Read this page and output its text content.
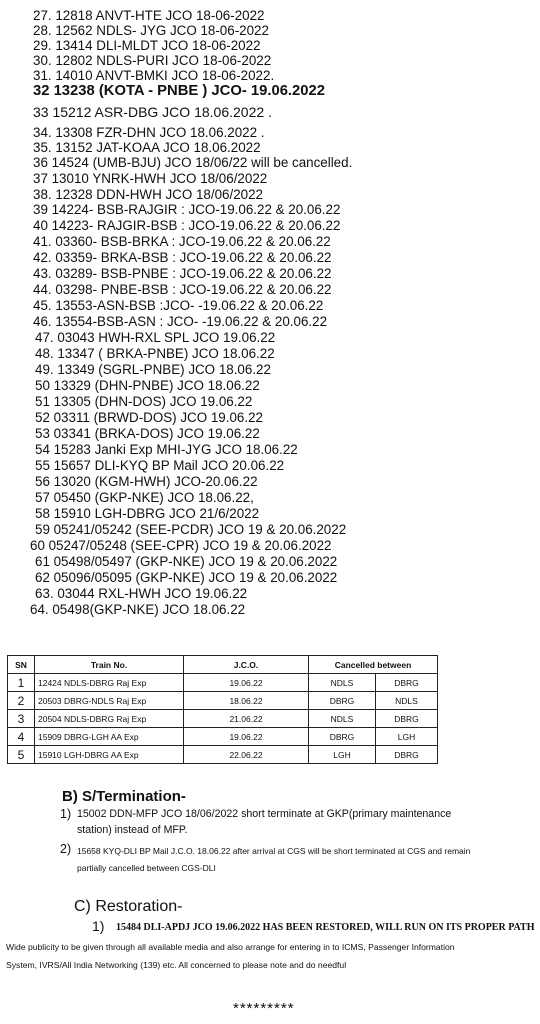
27. 12818 ANVT-HTE JCO 18-06-2022
28. 12562 NDLS- JYG JCO 18-06-2022
29. 13414 DLI-MLDT JCO 18-06-2022
30. 12802 NDLS-PURI JCO 18-06-2022
31. 14010 ANVT-BMKI JCO 18-06-2022.
32 13238 (KOTA - PNBE ) JCO- 19.06.2022
33 15212 ASR-DBG JCO 18.06.2022 .
34. 13308 FZR-DHN JCO 18.06.2022 .
35. 13152 JAT-KOAA JCO 18.06.2022
36 14524 (UMB-BJU) JCO 18/06/22 will be cancelled.
37 13010 YNRK-HWH JCO 18/06/2022
38. 12328 DDN-HWH JCO 18/06/2022
39 14224- BSB-RAJGIR : JCO-19.06.22 & 20.06.22
40 14223- RAJGIR-BSB : JCO-19.06.22 & 20.06.22
41. 03360- BSB-BRKA : JCO-19.06.22 & 20.06.22
42. 03359- BRKA-BSB : JCO-19.06.22 & 20.06.22
43. 03289- BSB-PNBE : JCO-19.06.22 & 20.06.22
44. 03298- PNBE-BSB : JCO-19.06.22 & 20.06.22
45. 13553-ASN-BSB :JCO- -19.06.22 & 20.06.22
46. 13554-BSB-ASN : JCO- -19.06.22 & 20.06.22
47. 03043 HWH-RXL SPL JCO 19.06.22
48. 13347 ( BRKA-PNBE) JCO 18.06.22
49. 13349 (SGRL-PNBE) JCO 18.06.22
50 13329 (DHN-PNBE) JCO 18.06.22
51 13305 (DHN-DOS) JCO 19.06.22
52 03311 (BRWD-DOS) JCO 19.06.22
53 03341 (BRKA-DOS) JCO 19.06.22
54 15283 Janki Exp MHI-JYG JCO 18.06.22
55 15657 DLI-KYQ BP Mail JCO 20.06.22
56 13020 (KGM-HWH) JCO-20.06.22
57 05450 (GKP-NKE) JCO 18.06.22,
58 15910 LGH-DBRG JCO 21/6/2022
59 05241/05242 (SEE-PCDR) JCO 19 & 20.06.2022
60 05247/05248 (SEE-CPR) JCO 19 & 20.06.2022
61 05498/05497 (GKP-NKE) JCO 19 & 20.06.2022
62 05096/05095 (GKP-NKE) JCO 19 & 20.06.2022
63. 03044 RXL-HWH JCO 19.06.22
64. 05498(GKP-NKE) JCO 18.06.22
SN	Train No.	J.C.O.	Cancelled between	
1	12424 NDLS-DBRG Raj Exp	19.06.22	NDLS	DBRG
2	20503 DBRG-NDLS Raj Exp	18.06.22	DBRG	NDLS
3	20504 NDLS-DBRG Raj Exp	21.06.22	NDLS	DBRG
4	15909 DBRG-LGH AA Exp	19.06.22	DBRG	LGH
5	15910 LGH-DBRG AA Exp	22.06.22	LGH	DBRG
B) S/Termination-
1) 15002 DDN-MFP JCO 18/06/2022 short terminate at GKP(primary maintenance
station) instead of MFP.
2) 15658 KYQ-DLI BP Mail J.C.O. 18.06.22 after arrival at CGS will be short terminated at CGS and remain
partially cancelled between CGS-DLI
C) Restoration-
1) 15484 DLI-APDJ JCO 19.06.2022 HAS BEEN RESTORED, WILL RUN ON ITS PROPER PATH
Wide publicity to be given through all available media and also arrange for entering in to ICMS, Passenger Information
System, IVRS/All India Networking (139) etc. All concerned to please note and do needful
*********
